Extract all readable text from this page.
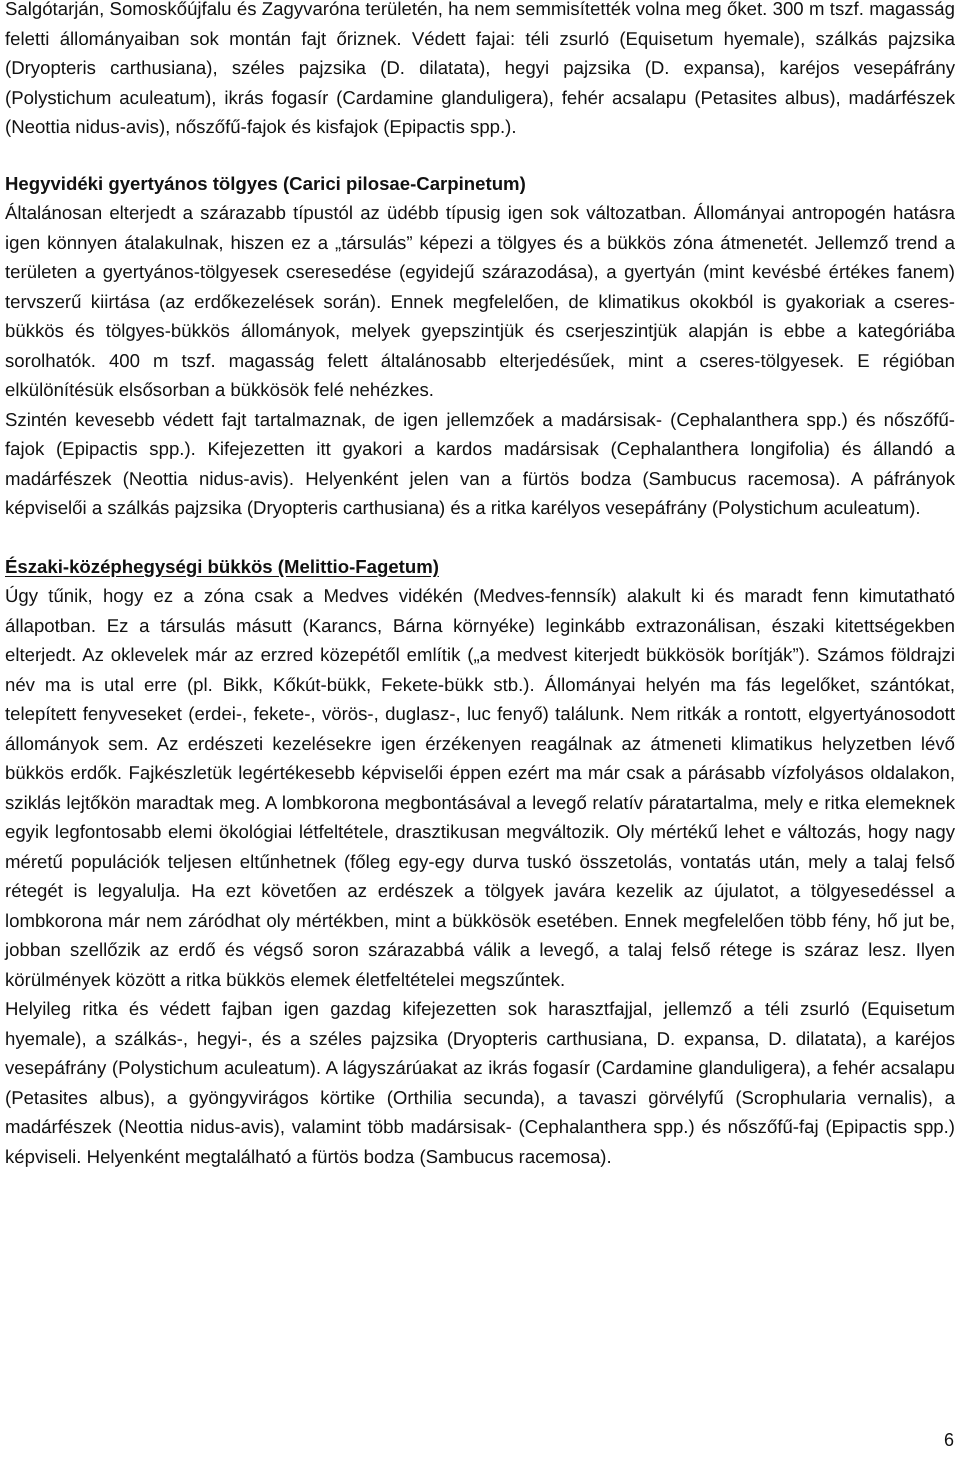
Salgótarján, Somoskőújfalu és Zagyvaróna területén, ha nem semmisítették volna meg őket. 300 m tszf. magasság feletti állományaiban sok montán fajt őriznek. Védett fajai: téli zsurló (Equisetum hyemale), szálkás pajzsika (Dryopteris carthusiana), széles pajzsika (D. dilatata), hegyi pajzsika (D. expansa), karéjos vesepáfrány (Polystichum aculeatum), ikrás fogasír (Cardamine glanduligera), fehér acsalapu (Petasites albus), madárfészek (Neottia nidus-avis), nőszőfű-fajok és kisfajok (Epipactis spp.).

Hegyvidéki gyertyános tölgyes (Carici pilosae-Carpinetum)

Általánosan elterjedt a szárazabb típustól az üdébb típusig igen sok változatban. Állományai antropogén hatásra igen könnyen átalakulnak, hiszen ez a „társulás” képezi a tölgyes és a bükkös zóna átmenetét. Jellemző trend a területen a gyertyános-tölgyesek cseresedése (egyidejű szárazodása), a gyertyán (mint kevésbé értékes fanem) tervszerű kiirtása (az erdőkezelések során). Ennek megfelelően, de klimatikus okokból is gyakoriak a cseres-bükkös és tölgyes-bükkös állományok, melyek gyepszintjük és cserjeszintjük alapján is ebbe a kategóriába sorolhatók. 400 m tszf. magasság felett általánosabb elterjedésűek, mint a cseres-tölgyesek. E régióban elkülönítésük elsősorban a bükkösök felé nehézkes.

Szintén kevesebb védett fajt tartalmaznak, de igen jellemzőek a madársisak- (Cephalanthera spp.) és nőszőfű-fajok (Epipactis spp.). Kifejezetten itt gyakori a kardos madársisak (Cephalanthera longifolia) és állandó a madárfészek (Neottia nidus-avis). Helyenként jelen van a fürtös bodza (Sambucus racemosa). A páfrányok képviselői a szálkás pajzsika (Dryopteris carthusiana) és a ritka karélyos vesepáfrány (Polystichum aculeatum).

Északi-középhegységi bükkös (Melittio-Fagetum)

Úgy tűnik, hogy ez a zóna csak a Medves vidékén (Medves-fennsík) alakult ki és maradt fenn kimutatható állapotban. Ez a társulás másutt (Karancs, Bárna környéke) leginkább extrazonálisan, északi kitettségekben elterjedt. Az oklevelek már az erzred közepétől említik („a medvest kiterjedt bükkösök borítják”). Számos földrajzi név ma is utal erre (pl. Bikk, Kőkút-bükk, Fekete-bükk stb.). Állományai helyén ma fás legelőket, szántókat, telepített fenyveseket (erdei-, fekete-, vörös-, duglasz-, luc fenyő) találunk. Nem ritkák a rontott, elgyertyánosodott állományok sem. Az erdészeti kezelésekre igen érzékenyen reagálnak az átmeneti klimatikus helyzetben lévő bükkös erdők. Fajkészletük legértékesebb képviselői éppen ezért ma már csak a párásabb vízfolyásos oldalakon, sziklás lejtőkön maradtak meg. A lombkorona megbontásával a levegő relatív páratartalma, mely e ritka elemeknek egyik legfontosabb elemi ökológiai létfeltétele, drasztikusan megváltozik. Oly mértékű lehet e változás, hogy nagy méretű populációk teljesen eltűnhetnek (főleg egy-egy durva tuskó összetolás, vontatás után, mely a talaj felső rétegét is legyalulja. Ha ezt követően az erdészek a tölgyek javára kezelik az újulatot, a tölgyesedéssel a lombkorona már nem záródhat oly mértékben, mint a bükkösök esetében. Ennek megfelelően több fény, hő jut be, jobban szellőzik az erdő és végső soron szárazabbá válik a levegő, a talaj felső rétege is száraz lesz. Ilyen körülmények között a ritka bükkös elemek életfeltételei megszűntek.

Helyileg ritka és védett fajban igen gazdag kifejezetten sok harasztfajjal, jellemző a téli zsurló (Equisetum hyemale), a szálkás-, hegyi-, és a széles pajzsika (Dryopteris carthusiana, D. expansa, D. dilatata), a karéjos vesepáfrány (Polystichum aculeatum). A lágyszárúakat az ikrás fogasír (Cardamine glanduligera), a fehér acsalapu (Petasites albus), a gyöngyvirágos körtike (Orthilia secunda), a tavaszi görvélyfű (Scrophularia vernalis), a madárfészek (Neottia nidus-avis), valamint több madársisak- (Cephalanthera spp.) és nőszőfű-faj (Epipactis spp.) képviseli. Helyenként megtalálható a fürtös bodza (Sambucus racemosa).

6
